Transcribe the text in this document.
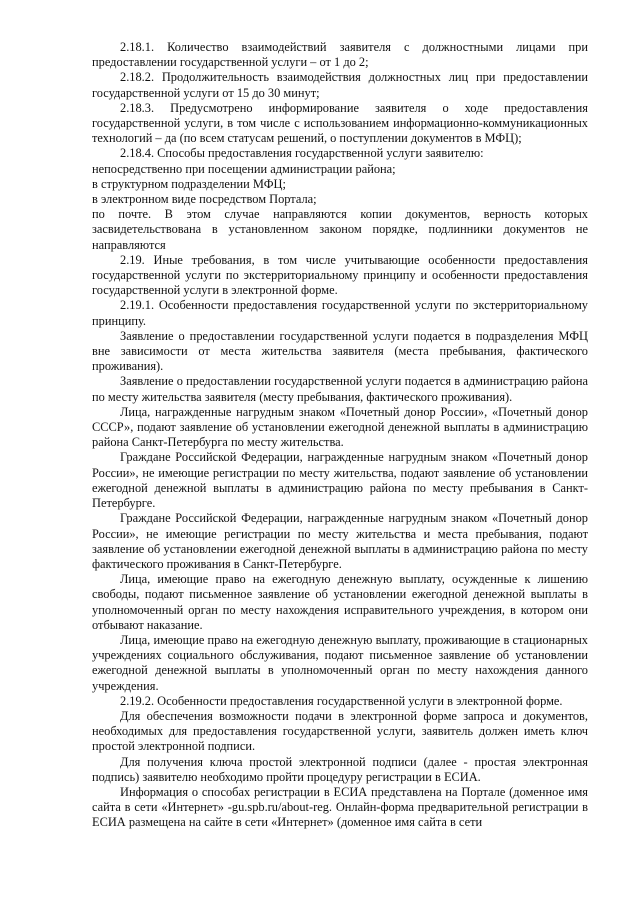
2.18.1. Количество взаимодействий заявителя с должностными лицами при предоставлении государственной услуги – от 1 до 2;

2.18.2. Продолжительность взаимодействия должностных лиц при предоставлении государственной услуги от 15 до 30 минут;

2.18.3. Предусмотрено информирование заявителя о ходе предоставления государственной услуги, в том числе с использованием информационно-коммуникационных технологий – да (по всем статусам решений, о поступлении документов в МФЦ);

2.18.4. Способы предоставления государственной услуги заявителю:

непосредственно при посещении администрации района;

в структурном подразделении МФЦ;

в электронном виде посредством Портала;

по почте. В этом случае направляются копии документов, верность которых засвидетельствована в установленном законом порядке, подлинники документов не направляются

2.19. Иные требования, в том числе учитывающие особенности предоставления государственной услуги по экстерриториальному принципу и особенности предоставления государственной услуги в электронной форме.

2.19.1. Особенности предоставления государственной услуги по экстерриториальному принципу.

Заявление о предоставлении государственной услуги подается в подразделения МФЦ вне зависимости от места жительства заявителя (места пребывания, фактического проживания).

Заявление о предоставлении государственной услуги подается в администрацию района по месту жительства заявителя (месту пребывания, фактического проживания).

Лица, награжденные нагрудным знаком «Почетный донор России», «Почетный донор СССР», подают заявление об установлении ежегодной денежной выплаты в администрацию района Санкт-Петербурга по месту жительства.

Граждане Российской Федерации, награжденные нагрудным знаком «Почетный донор России», не имеющие регистрации по месту жительства, подают заявление об установлении ежегодной денежной выплаты в администрацию района по месту пребывания в Санкт-Петербурге.

Граждане Российской Федерации, награжденные нагрудным знаком «Почетный донор России», не имеющие регистрации по месту жительства и места пребывания, подают заявление об установлении ежегодной денежной выплаты в администрацию района по месту фактического проживания в Санкт-Петербурге.

Лица, имеющие право на ежегодную денежную выплату, осужденные к лишению свободы, подают письменное заявление об установлении ежегодной денежной выплаты в уполномоченный орган по месту нахождения исправительного учреждения, в котором они отбывают наказание.

Лица, имеющие право на ежегодную денежную выплату, проживающие в стационарных учреждениях социального обслуживания, подают письменное заявление об установлении ежегодной денежной выплаты в уполномоченный орган по месту нахождения данного учреждения.

2.19.2. Особенности предоставления государственной услуги в электронной форме.

Для обеспечения возможности подачи в электронной форме запроса и документов, необходимых для предоставления государственной услуги, заявитель должен иметь ключ простой электронной подписи.

Для получения ключа простой электронной подписи (далее - простая электронная подпись) заявителю необходимо пройти процедуру регистрации в ЕСИА.

Информация о способах регистрации в ЕСИА представлена на Портале (доменное имя сайта в сети «Интернет» -gu.spb.ru/about-reg. Онлайн-форма предварительной регистрации в ЕСИА размещена на сайте в сети «Интернет» (доменное имя сайта в сети
